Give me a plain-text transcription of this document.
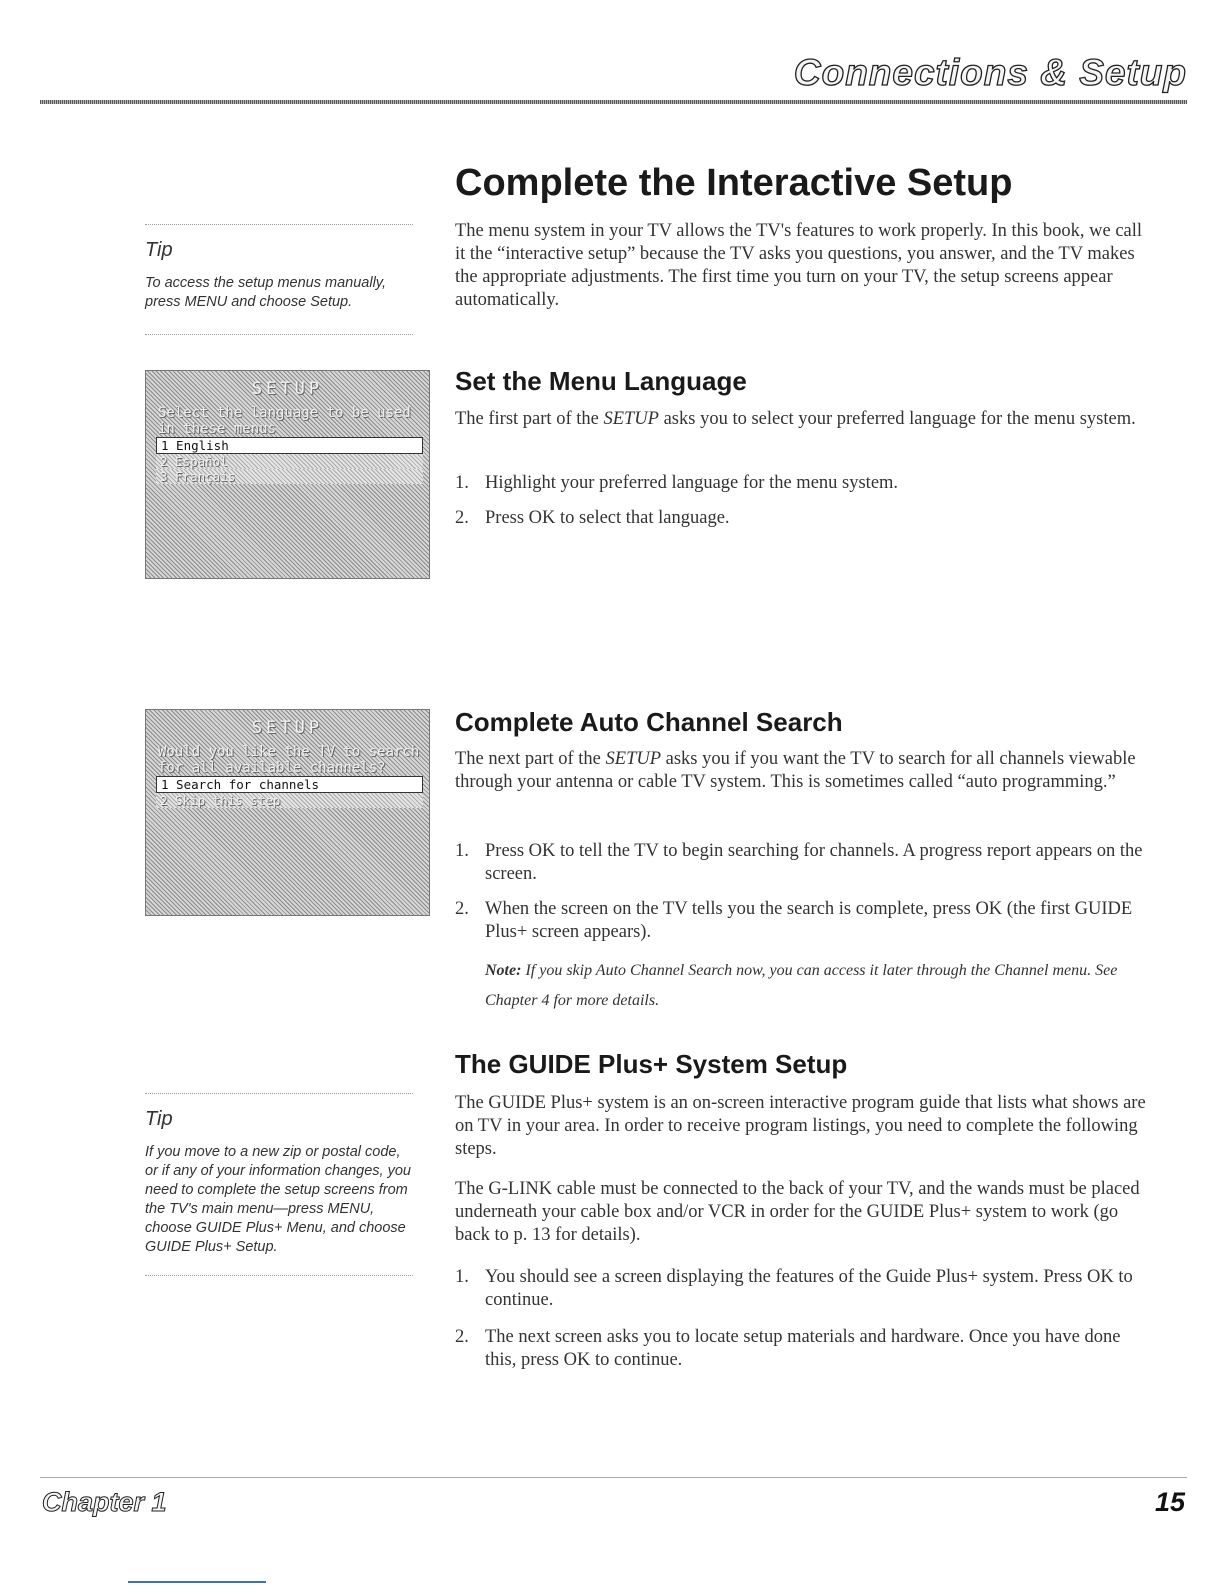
Connections & Setup
Complete the Interactive Setup

The menu system in your TV allows the TV's features to work properly. In this book, we call it the “interactive setup” because the TV asks you questions, you answer, and the TV makes the appropriate adjustments. The first time you turn on your TV, the setup screens appear automatically.

Tip
To access the setup menus manually, press MENU and choose Setup.
SETUP
Select the language to be used in these menus
1 English
2 Español
3 Français
Set the Menu Language

The first part of the SETUP asks you to select your preferred language for the menu system.

1. Highlight your preferred language for the menu system.
2. Press OK to select that language.
SETUP
Would you like the TV to search for all available channels?
1 Search for channels
2 Skip this step
Complete Auto Channel Search

The next part of the SETUP asks you if you want the TV to search for all channels viewable through your antenna or cable TV system. This is sometimes called “auto programming.”

1. Press OK to tell the TV to begin searching for channels. A progress report appears on the screen.
2. When the screen on the TV tells you the search is complete, press OK (the first GUIDE Plus+ screen appears).

Note: If you skip Auto Channel Search now, you can access it later through the Channel menu. See Chapter 4 for more details.

Tip
If you move to a new zip or postal code, or if any of your information changes, you need to complete the setup screens from the TV's main menu—press MENU, choose GUIDE Plus+ Menu, and choose GUIDE Plus+ Setup.
The GUIDE Plus+ System Setup

The GUIDE Plus+ system is an on-screen interactive program guide that lists what shows are on TV in your area. In order to receive program listings, you need to complete the following steps.

The G-LINK cable must be connected to the back of your TV, and the wands must be placed underneath your cable box and/or VCR in order for the GUIDE Plus+ system to work (go back to p. 13 for details).

1. You should see a screen displaying the features of the Guide Plus+ system. Press OK to continue.
2. The next screen asks you to locate setup materials and hardware. Once you have done this, press OK to continue.
Chapter 1	15
